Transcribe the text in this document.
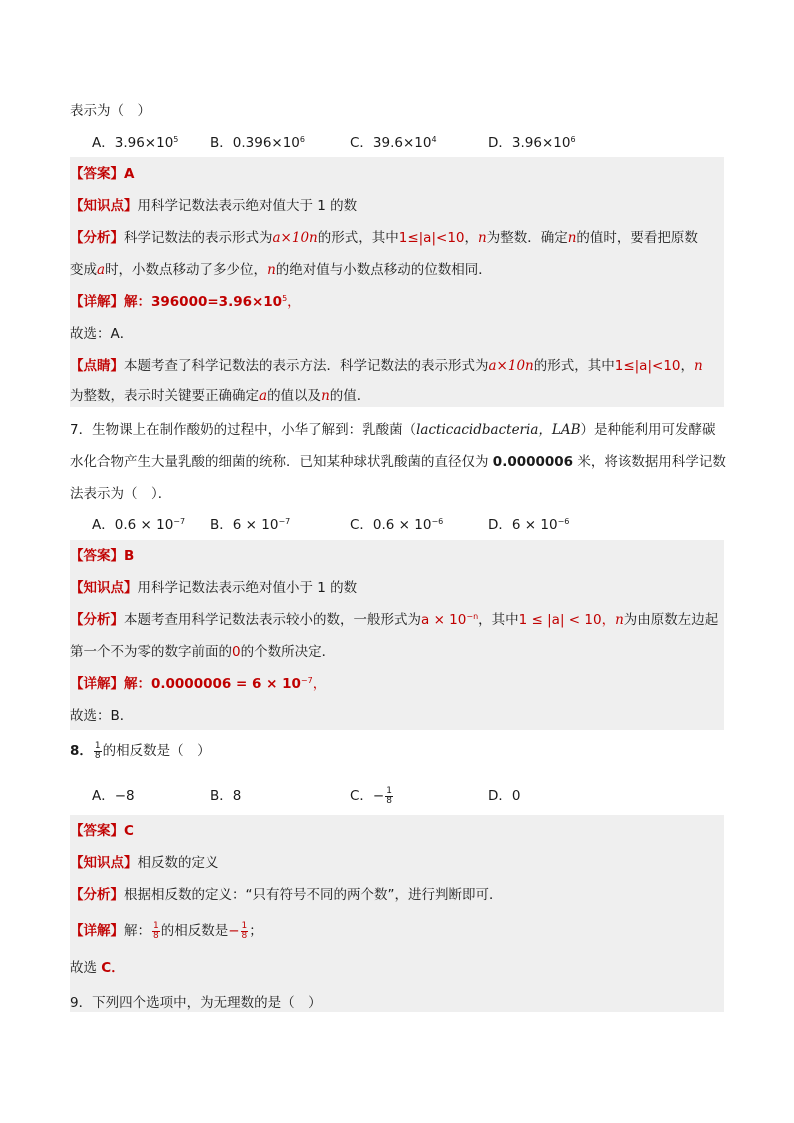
表示为（　）
A．$3.96\times 10^5$ B．$0.396\times 10^6$	C．$39.6\times 10^4$	D．$3.96\times 10^6$
【答案】A
【知识点】用科学记数法表示绝对值大于 1 的数
【分析】科学记数法的表示形式为a×10n的形式，其中1≤|a|<10，n为整数．确定n的值时，要看把原数
变成a时，小数点移动了多少位，n的绝对值与小数点移动的位数相同．
【详解】解：$396000=3.96\times 10^5$，
故选：A．
【点睛】本题考查了科学记数法的表示方法．科学记数法的表示形式为a×10n的形式，其中1≤|a|<10，n
为整数，表示时关键要正确确定a的值以及n的值．
7．生物课上在制作酸奶的过程中，小华了解到：乳酸菌（lacticacidbacteria，LAB）是种能利用可发酵碳
水化合物产生大量乳酸的细菌的统称．已知某种球状乳酸菌的直径仅为 0.0000006 米，将该数据用科学记数
法表示为（　）．
A．$0.6 \times 10^{-7}$ B．$6 \times 10^{-7}$	C．$0.6 \times 10^{-6}$	D．$6 \times 10^{-6}$
【答案】B
【知识点】用科学记数法表示绝对值小于 1 的数
【分析】本题考查用科学记数法表示较小的数，一般形式为$a \times 10^{-n}$，其中1 ≤ |a| < 10，n为由原数左边起
第一个不为零的数字前面的0的个数所决定．
【详解】解：$0.0000006 = 6 \times 10^{-7}$，
故选：B．
8． $\frac{1}{8}$ 的相反数是（　）
A．−8	B．8	C．− $\frac{1}{8}$	D．0
【答案】C
【知识点】相反数的定义
【分析】根据相反数的定义：“只有符号不同的两个数”，进行判断即可．
【详解】解： $\frac{1}{8}$ 的相反数是− $\frac{1}{8}$ ；
故选 C．
9．下列四个选项中，为无理数的是（　）
